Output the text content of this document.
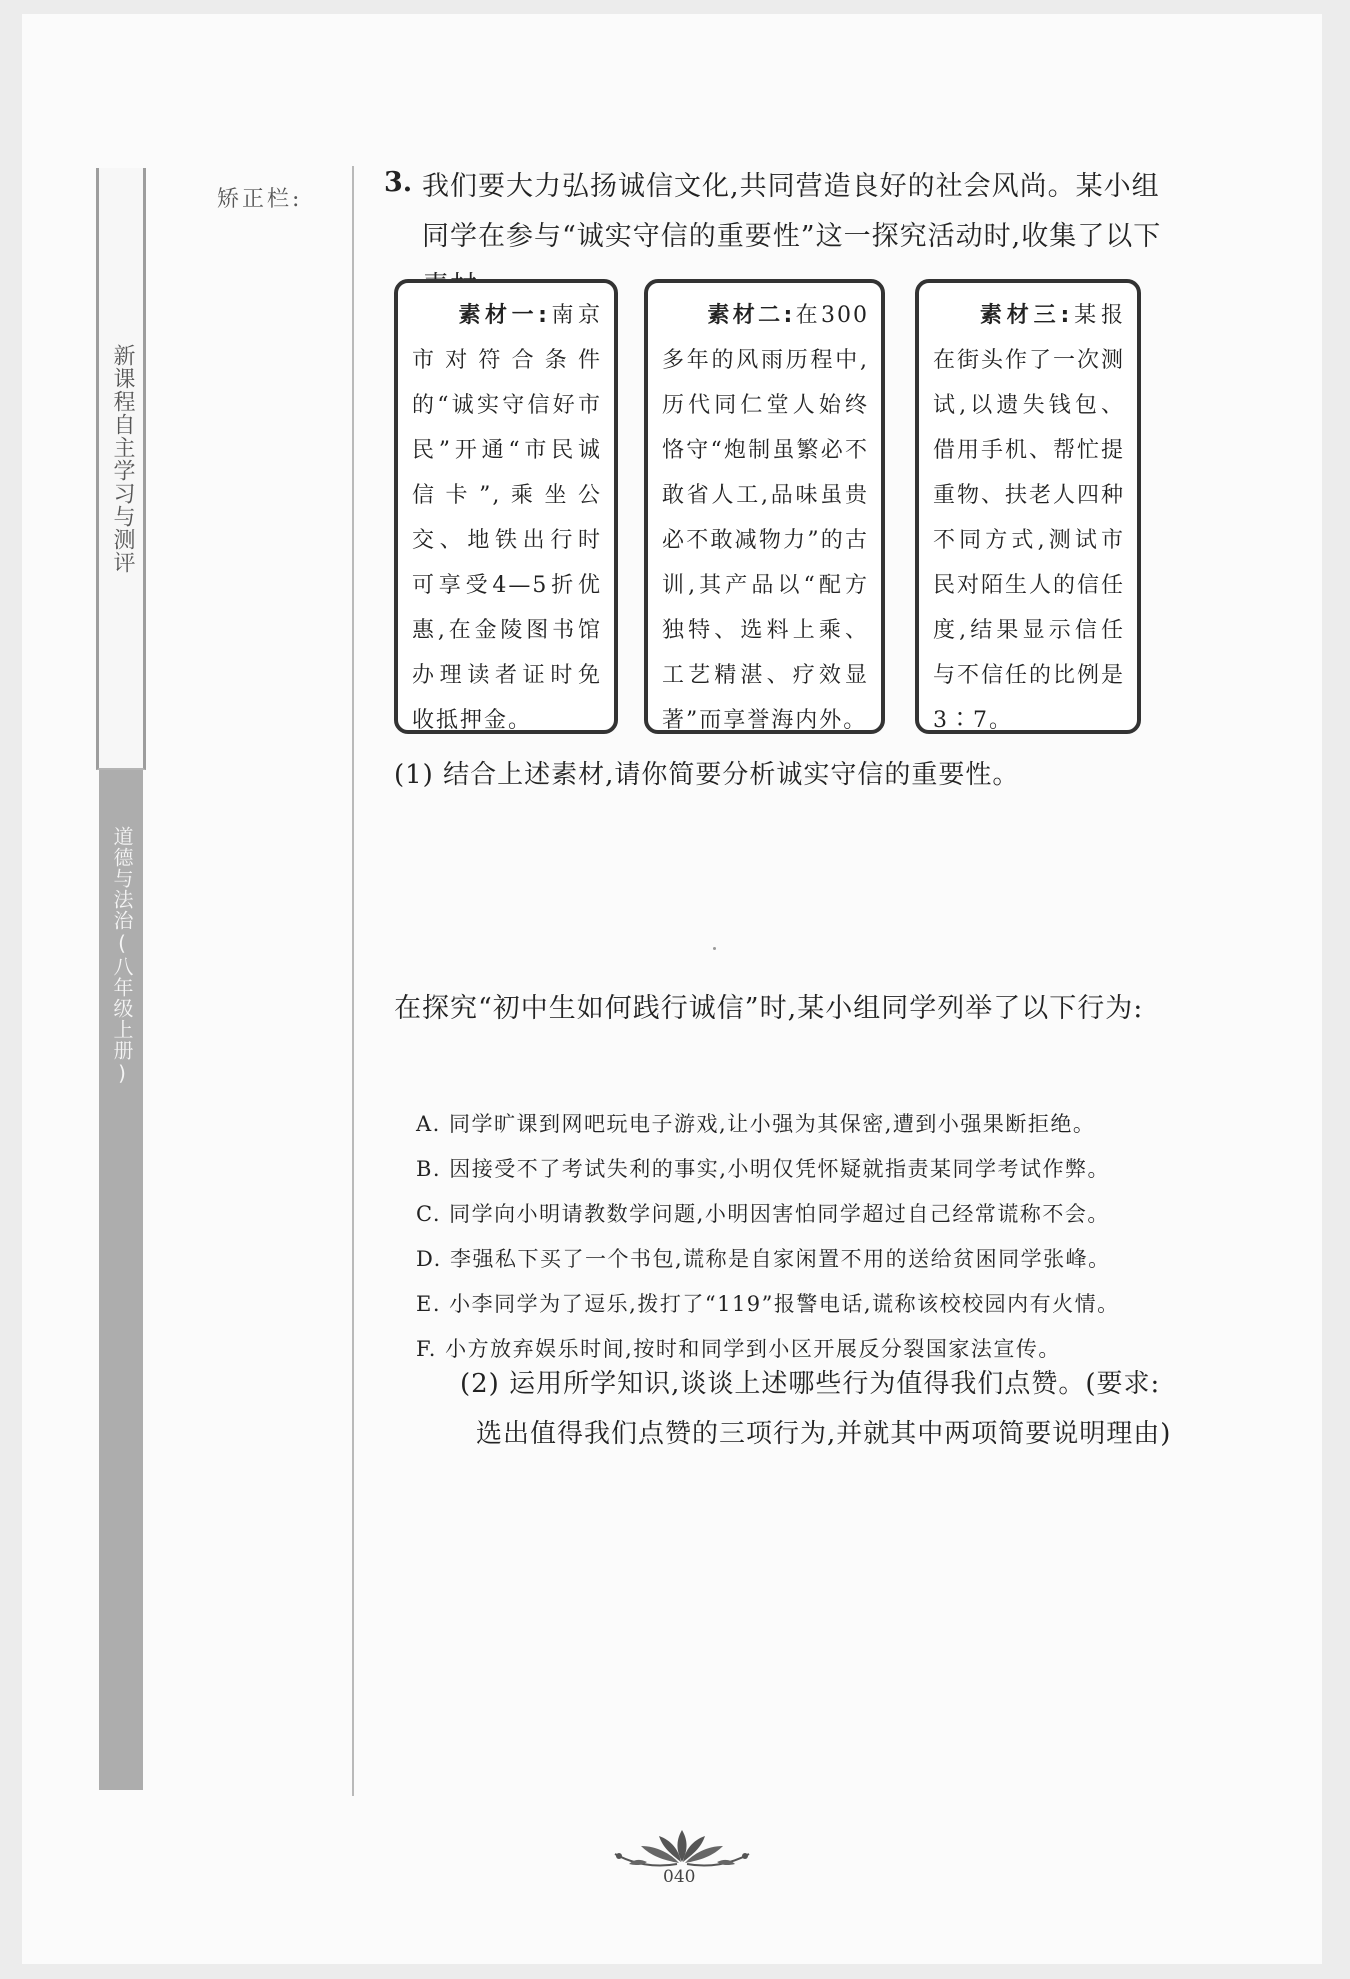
新课程自主学习与测评
道德与法治(八年级上册)
矫正栏:
3. 我们要大力弘扬诚信文化,共同营造良好的社会风尚。某小组同学在参与“诚实守信的重要性”这一探究活动时,收集了以下
素材一:南京市对符合条件的“诚实守信好市民”开通“市民诚信卡”,乘坐公交、地铁出行时可享受4—5折优惠,在金陵图书馆办理读者证时免收抵押金。
素材二:在300多年的风雨历程中,历代同仁堂人始终恪守“炮制虽繁必不敢省人工,品味虽贵必不敢减物力”的古训,其产品以“配方独特、选料上乘、工艺精湛、疗效显著”而享誉海内外。
素材三:某报在街头作了一次测试,以遗失钱包、借用手机、帮忙提重物、扶老人四种不同方式,测试市民对陌生人的信任度,结果显示信任与不信任的比例是3∶7。
(1) 结合上述素材,请你简要分析诚实守信的重要性。
在探究“初中生如何践行诚信”时,某小组同学列举了以下行为:
A. 同学旷课到网吧玩电子游戏,让小强为其保密,遭到小强果断拒绝。
B. 因接受不了考试失利的事实,小明仅凭怀疑就指责某同学考试作弊。
C. 同学向小明请教数学问题,小明因害怕同学超过自己经常谎称不会。
D. 李强私下买了一个书包,谎称是自家闲置不用的送给贫困同学张峰。
E. 小李同学为了逗乐,拨打了“119”报警电话,谎称该校校园内有火情。
F. 小方放弃娱乐时间,按时和同学到小区开展反分裂国家法宣传。
(2) 运用所学知识,谈谈上述哪些行为值得我们点赞。(要求:选出值得我们点赞的三项行为,并就其中两项简要说明理由)
040
